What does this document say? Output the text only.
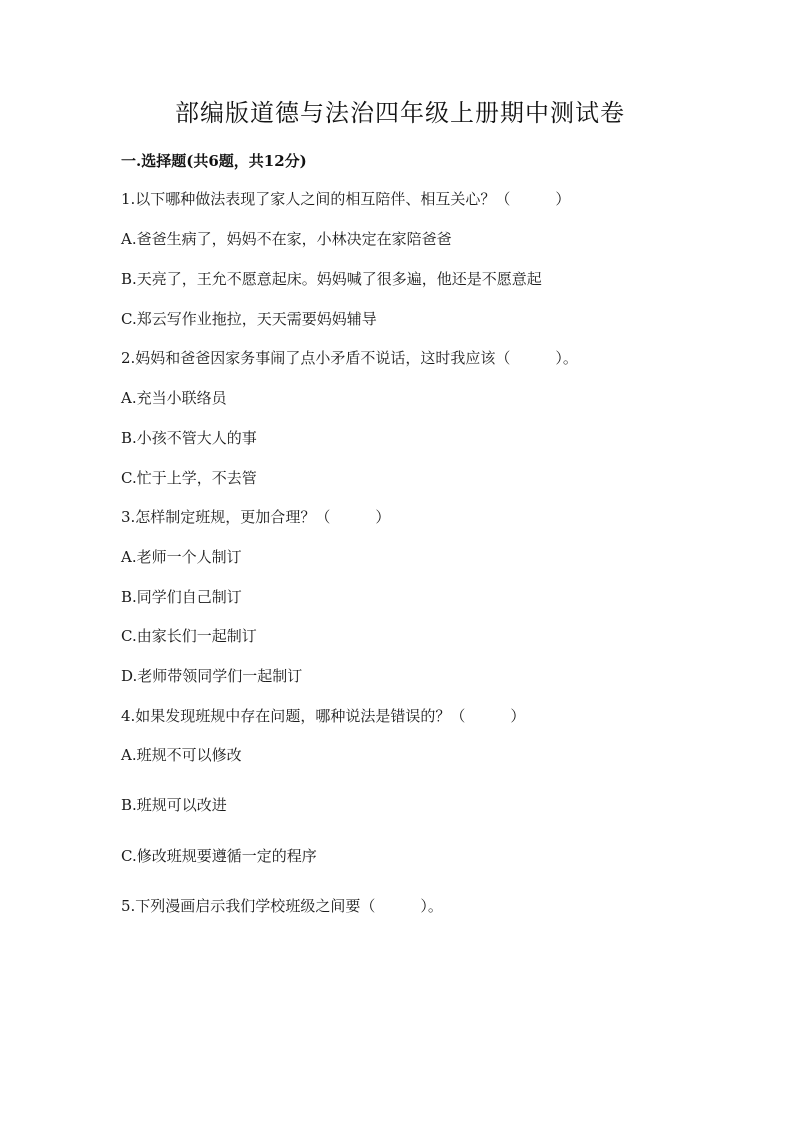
部编版道德与法治四年级上册期中测试卷
一.选择题(共6题，共12分)
1.以下哪种做法表现了家人之间的相互陪伴、相互关心？（　　　）
A.爸爸生病了，妈妈不在家，小林决定在家陪爸爸
B.天亮了，王允不愿意起床。妈妈喊了很多遍，他还是不愿意起
C.郑云写作业拖拉，天天需要妈妈辅导
2.妈妈和爸爸因家务事闹了点小矛盾不说话，这时我应该（　　　）。
A.充当小联络员
B.小孩不管大人的事
C.忙于上学，不去管
3.怎样制定班规，更加合理？（　　　）
A.老师一个人制订
B.同学们自己制订
C.由家长们一起制订
D.老师带领同学们一起制订
4.如果发现班规中存在问题，哪种说法是错误的？（　　　）
A.班规不可以修改
B.班规可以改进
C.修改班规要遵循一定的程序
5.下列漫画启示我们学校班级之间要（　　　）。
